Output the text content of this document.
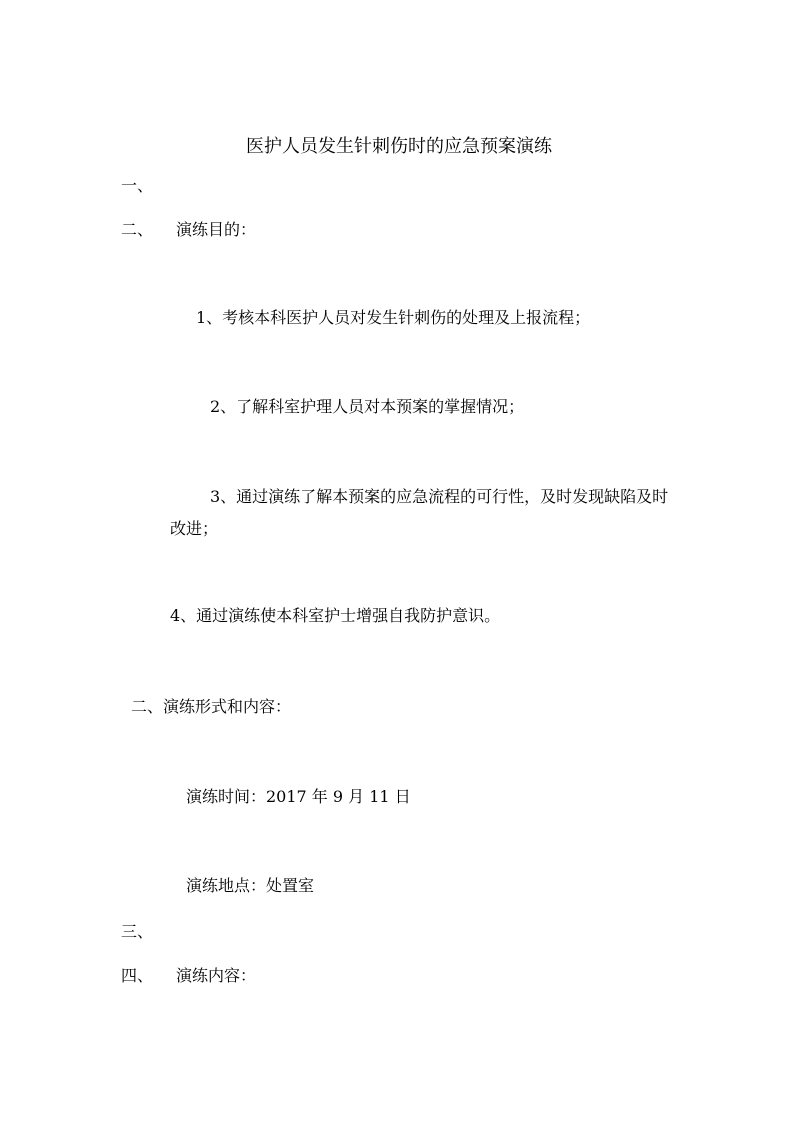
医护人员发生针刺伤时的应急预案演练
一、
二、 演练目的：
1、考核本科医护人员对发生针刺伤的处理及上报流程；
2、了解科室护理人员对本预案的掌握情况；
3、通过演练了解本预案的应急流程的可行性，及时发现缺陷及时
改进；
4、通过演练使本科室护士增强自我防护意识。
二、演练形式和内容：
演练时间：2017 年 9 月 11 日
演练地点：处置室
三、
四、 演练内容：
